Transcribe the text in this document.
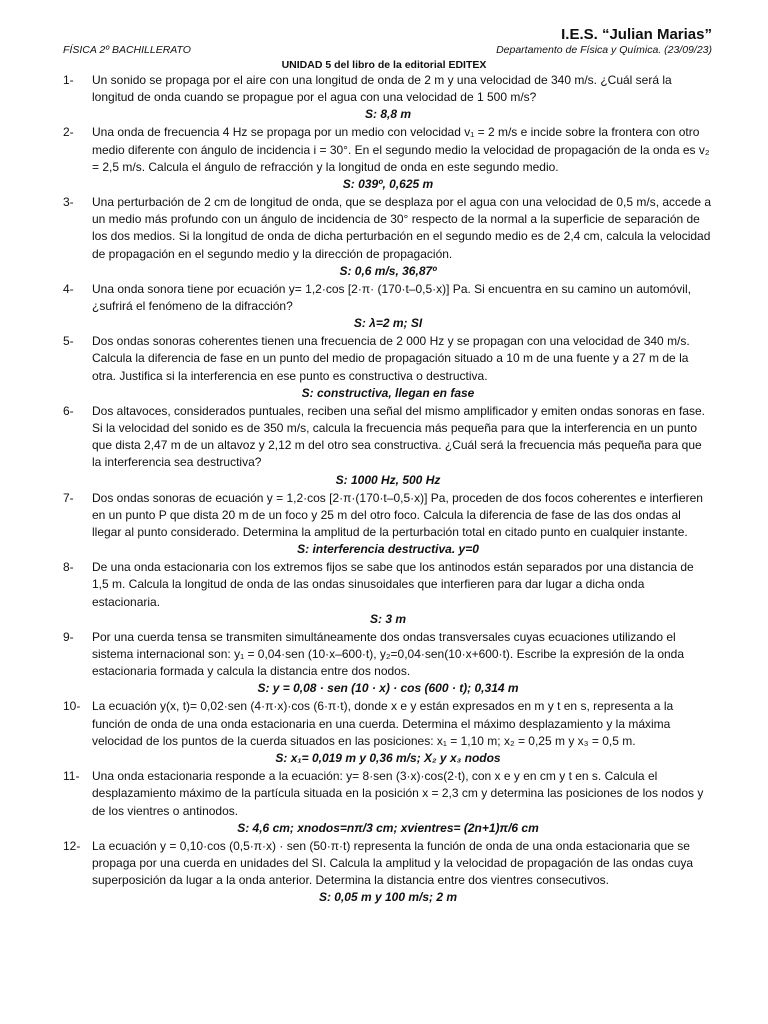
I.E.S. “Julian Marias”
FÍSICA 2º BACHILLERATO	Departamento de Física y Química. (23/09/23)
UNIDAD 5 del libro de la editorial EDITEX
1- Un sonido se propaga por el aire con una longitud de onda de 2 m y una velocidad de 340 m/s. ¿Cuál será la longitud de onda cuando se propague por el agua con una velocidad de 1 500 m/s?
S: 8,8 m
2- Una onda de frecuencia 4 Hz se propaga por un medio con velocidad v₁ = 2 m/s e incide sobre la frontera con otro medio diferente con ángulo de incidencia i = 30°. En el segundo medio la velocidad de propagación de la onda es v₂ = 2,5 m/s. Calcula el ángulo de refracción y la longitud de onda en este segundo medio.
S: 039º, 0,625 m
3- Una perturbación de 2 cm de longitud de onda, que se desplaza por el agua con una velocidad de 0,5 m/s, accede a un medio más profundo con un ángulo de incidencia de 30° respecto de la normal a la superficie de separación de los dos medios. Si la longitud de onda de dicha perturbación en el segundo medio es de 2,4 cm, calcula la velocidad de propagación en el segundo medio y la dirección de propagación.
S: 0,6 m/s, 36,87º
4- Una onda sonora tiene por ecuación y= 1,2·cos [2·π· (170·t–0,5·x)] Pa. Si encuentra en su camino un automóvil, ¿sufrirá el fenómeno de la difracción?
S: λ=2 m; SI
5- Dos ondas sonoras coherentes tienen una frecuencia de 2 000 Hz y se propagan con una velocidad de 340 m/s. Calcula la diferencia de fase en un punto del medio de propagación situado a 10 m de una fuente y a 27 m de la otra. Justifica si la interferencia en ese punto es constructiva o destructiva.
S: constructiva, llegan en fase
6- Dos altavoces, considerados puntuales, reciben una señal del mismo amplificador y emiten ondas sonoras en fase. Si la velocidad del sonido es de 350 m/s, calcula la frecuencia más pequeña para que la interferencia en un punto que dista 2,47 m de un altavoz y 2,12 m del otro sea constructiva. ¿Cuál será la frecuencia más pequeña para que la interferencia sea destructiva?
S: 1000 Hz, 500 Hz
7- Dos ondas sonoras de ecuación y = 1,2·cos [2·π·(170·t–0,5·x)] Pa, proceden de dos focos coherentes e interfieren en un punto P que dista 20 m de un foco y 25 m del otro foco. Calcula la diferencia de fase de las dos ondas al llegar al punto considerado. Determina la amplitud de la perturbación total en citado punto en cualquier instante.
S: interferencia destructiva. y=0
8- De una onda estacionaria con los extremos fijos se sabe que los antinodos están separados por una distancia de 1,5 m. Calcula la longitud de onda de las ondas sinusoidales que interfieren para dar lugar a dicha onda estacionaria.
S: 3 m
9- Por una cuerda tensa se transmiten simultáneamente dos ondas transversales cuyas ecuaciones utilizando el sistema internacional son: y₁ = 0,04·sen (10·x–600·t), y₂=0,04·sen(10·x+600·t). Escribe la expresión de la onda estacionaria formada y calcula la distancia entre dos nodos.
S: y = 0,08 · sen (10 · x) · cos (600 · t); 0,314 m
10- La ecuación y(x, t)= 0,02·sen (4·π·x)·cos (6·π·t), donde x e y están expresados en m y t en s, representa a la función de onda de una onda estacionaria en una cuerda. Determina el máximo desplazamiento y la máxima velocidad de los puntos de la cuerda situados en las posiciones: x₁ = 1,10 m; x₂ = 0,25 m y x₃ = 0,5 m.
S: x₁= 0,019 m y 0,36 m/s; X₂ y x₃ nodos
11- Una onda estacionaria responde a la ecuación: y= 8·sen (3·x)·cos(2·t), con x e y en cm y t en s. Calcula el desplazamiento máximo de la partícula situada en la posición x = 2,3 cm y determina las posiciones de los nodos y de los vientres o antinodos.
S: 4,6 cm; xnodos=nπ/3 cm; xvientres= (2n+1)π/6 cm
12- La ecuación y = 0,10·cos (0,5·π·x) · sen (50·π·t) representa la función de onda de una onda estacionaria que se propaga por una cuerda en unidades del SI. Calcula la amplitud y la velocidad de propagación de las ondas cuya superposición da lugar a la onda anterior. Determina la distancia entre dos vientres consecutivos.
S: 0,05 m y 100 m/s; 2 m
